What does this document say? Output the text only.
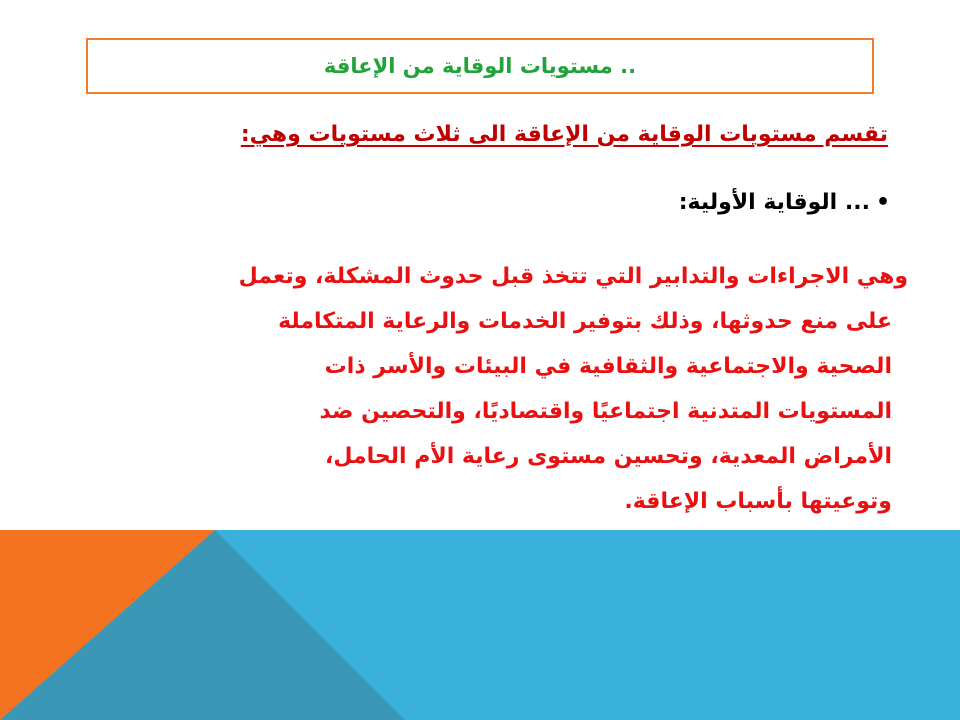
.. مستويات الوقاية من الإعاقة
تقسم مستويات الوقاية من الإعاقة الى ثلاث مستويات وهي:
•... الوقاية الأولية:
وهي الاجراءات والتدابير التي تتخذ قبل حدوث المشكلة، وتعمل
على منع حدوثها، وذلك بتوفير الخدمات والرعاية المتكاملة
الصحية والاجتماعية والثقافية في البيئات والأسر ذات
المستويات المتدنية اجتماعيًا واقتصاديًا، والتحصين ضد
الأمراض المعدية، وتحسين مستوى رعاية الأم الحامل،
وتوعيتها بأسباب الإعاقة.
